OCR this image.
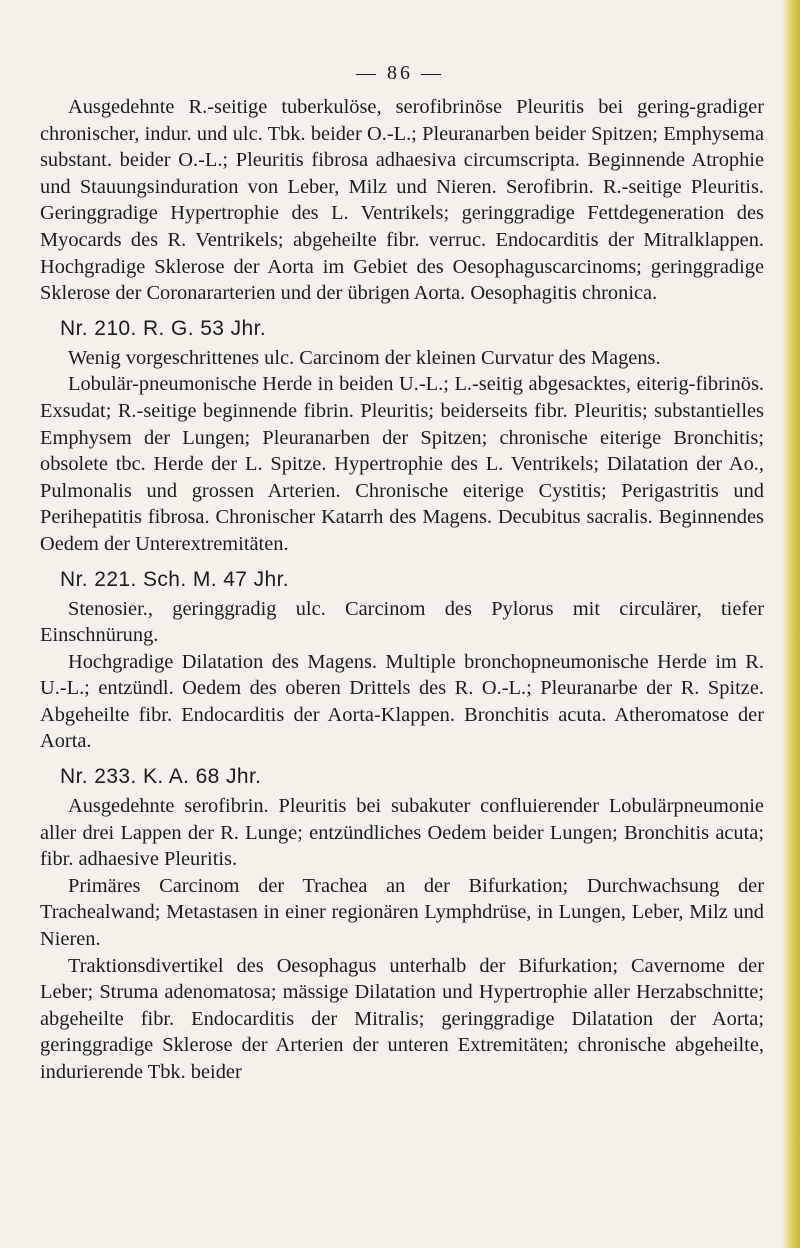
— 86 —

Ausgedehnte R.-seitige tuberkulöse, serofibrinöse Pleuritis bei gering-gradiger chronischer, indur. und ulc. Tbk. beider O.-L.; Pleuranarben beider Spitzen; Emphysema substant. beider O.-L.; Pleuritis fibrosa adhaesiva circumscripta. Beginnende Atrophie und Stauungsinduration von Leber, Milz und Nieren. Serofibrin. R.-seitige Pleuritis. Geringgradige Hypertrophie des L. Ventrikels; geringgradige Fettdegeneration des Myocards des R. Ventrikels; abgeheilte fibr. verruc. Endocarditis der Mitralklappen. Hochgradige Sklerose der Aorta im Gebiet des Oesophaguscarcinoms; geringgradige Sklerose der Coronararterien und der übrigen Aorta. Oesophagitis chronica.

Nr. 210. R. G. 53 Jhr.

Wenig vorgeschrittenes ulc. Carcinom der kleinen Curvatur des Magens.

Lobulär-pneumonische Herde in beiden U.-L.; L.-seitig abgesacktes, eiterig-fibrinös. Exsudat; R.-seitige beginnende fibrin. Pleuritis; beiderseits fibr. Pleuritis; substantielles Emphysem der Lungen; Pleuranarben der Spitzen; chronische eiterige Bronchitis; obsolete tbc. Herde der L. Spitze. Hypertrophie des L. Ventrikels; Dilatation der Ao., Pulmonalis und grossen Arterien. Chronische eiterige Cystitis; Perigastritis und Perihepatitis fibrosa. Chronischer Katarrh des Magens. Decubitus sacralis. Beginnendes Oedem der Unterextremitäten.

Nr. 221. Sch. M. 47 Jhr.

Stenosier., geringgradig ulc. Carcinom des Pylorus mit circulärer, tiefer Einschnürung.

Hochgradige Dilatation des Magens. Multiple bronchopneumonische Herde im R. U.-L.; entzündl. Oedem des oberen Drittels des R. O.-L.; Pleuranarbe der R. Spitze. Abgeheilte fibr. Endocarditis der Aorta-Klappen. Bronchitis acuta. Atheromatose der Aorta.

Nr. 233. K. A. 68 Jhr.

Ausgedehnte serofibrin. Pleuritis bei subakuter confluierender Lobulärpneumonie aller drei Lappen der R. Lunge; entzündliches Oedem beider Lungen; Bronchitis acuta; fibr. adhaesive Pleuritis.

Primäres Carcinom der Trachea an der Bifurkation; Durchwachsung der Trachealwand; Metastasen in einer regionären Lymphdrüse, in Lungen, Leber, Milz und Nieren.

Traktionsdivertikel des Oesophagus unterhalb der Bifurkation; Cavernome der Leber; Struma adenomatosa; mässige Dilatation und Hypertrophie aller Herzabschnitte; abgeheilte fibr. Endocarditis der Mitralis; geringgradige Dilatation der Aorta; geringgradige Sklerose der Arterien der unteren Extremitäten; chronische abgeheilte, indurierende Tbk. beider
